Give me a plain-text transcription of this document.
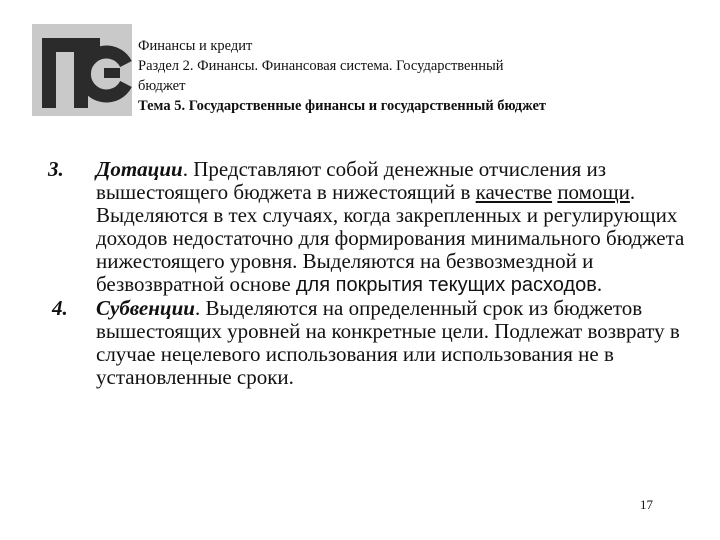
Финансы и кредит
Раздел 2. Финансы. Финансовая система. Государственный
бюджет
Тема 5. Государственные финансы и государственный бюджет
3. Дотации. Представляют собой денежные отчисления из вышестоящего бюджета в нижестоящий в качестве помощи. Выделяются в тех случаях, когда закрепленных и регулирующих доходов недостаточно для формирования минимального бюджета нижестоящего уровня. Выделяются на безвозмездной и безвозвратной основе для покрытия текущих расходов.
4. Субвенции. Выделяются на определенный срок из бюджетов вышестоящих уровней на конкретные цели. Подлежат возврату в случае нецелевого использования или использования не в установленные сроки.
17
